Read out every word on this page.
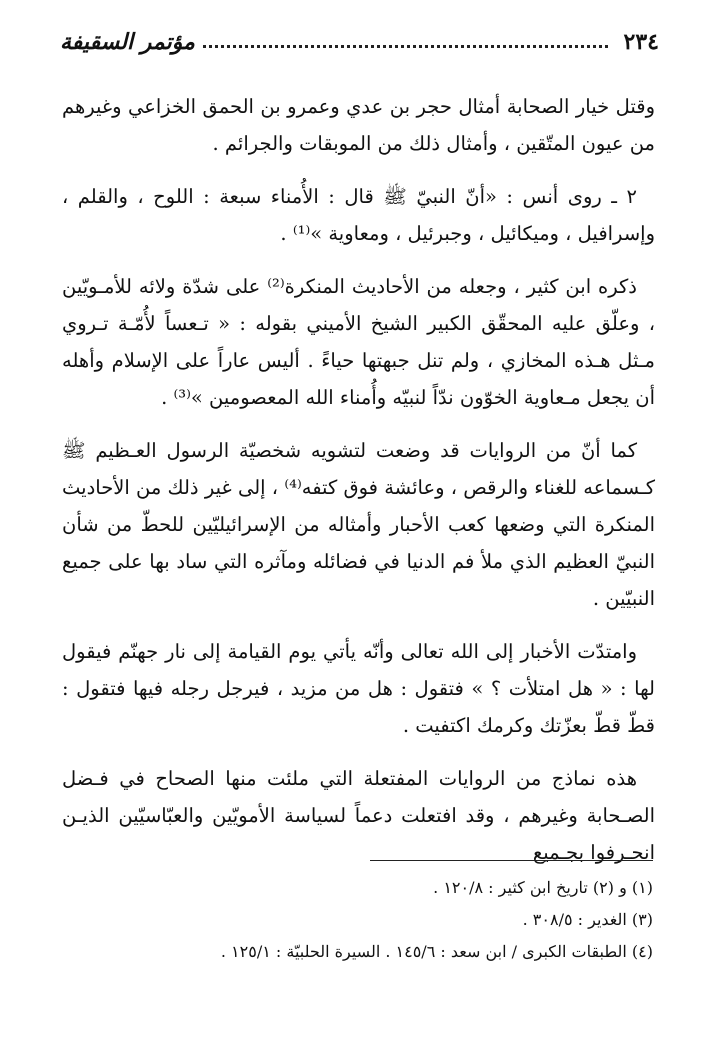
٢٣٤
مؤتمر السقيفة

وقتل خيار الصحابة أمثال حجر بن عدي وعمرو بن الحمق الخزاعي وغيرهم من عيون المتّقين ، وأمثال ذلك من الموبقات والجرائم .

٢ ـ روى أنس : «أنّ النبيّ ﷺ قال : الأُمناء سبعة : اللوح ، والقلم ، وإسرافيل ، وميكائيل ، وجبرئيل ، ومعاوية »⁽¹⁾ .

ذكره ابن كثير ، وجعله من الأحاديث المنكرة⁽²⁾ على شدّة ولائه للأمـويّين ، وعلّق عليه المحقّق الكبير الشيخ الأميني بقوله : « تـعساً لأُمّـة تـروي مـثل هـذه المخازي ، ولم تنل جبهتها حياءً . أليس عاراً على الإسلام وأهله أن يجعل مـعاوية الخوّون ندّاً لنبيّه وأُمناء الله المعصومين »⁽³⁾ .

كما أنّ من الروايات قد وضعت لتشويه شخصيّة الرسول العـظيم ﷺ كـسماعه للغناء والرقص ، وعائشة فوق كتفه⁽⁴⁾ ، إلى غير ذلك من الأحاديث المنكرة التي وضعها كعب الأحبار وأمثاله من الإسرائيليّين للحطّ من شأن النبيّ العظيم الذي ملأ فم الدنيا في فضائله ومآثره التي ساد بها على جميع النبيّين .

وامتدّت الأخبار إلى الله تعالى وأنّه يأتي يوم القيامة إلى نار جهنّم فيقول لها : « هل امتلأت ؟ » فتقول : هل من مزيد ، فيرجل رجله فيها فتقول : قطّ قطّ بعزّتك وكرمك اكتفيت .

هذه نماذج من الروايات المفتعلة التي ملئت منها الصحاح في فـضل الصـحابة وغيرهم ، وقد افتعلت دعماً لسياسة الأمويّين والعبّاسيّين الذيـن انحـرفوا بجـميع

(١) و (٢) تاريخ ابن كثير : ١٢٠/٨ .

(٣) الغدير : ٣٠٨/٥ .

(٤) الطبقات الكبرى / ابن سعد : ١٤٥/٦ . السيرة الحلبيّة : ١٢٥/١ .
